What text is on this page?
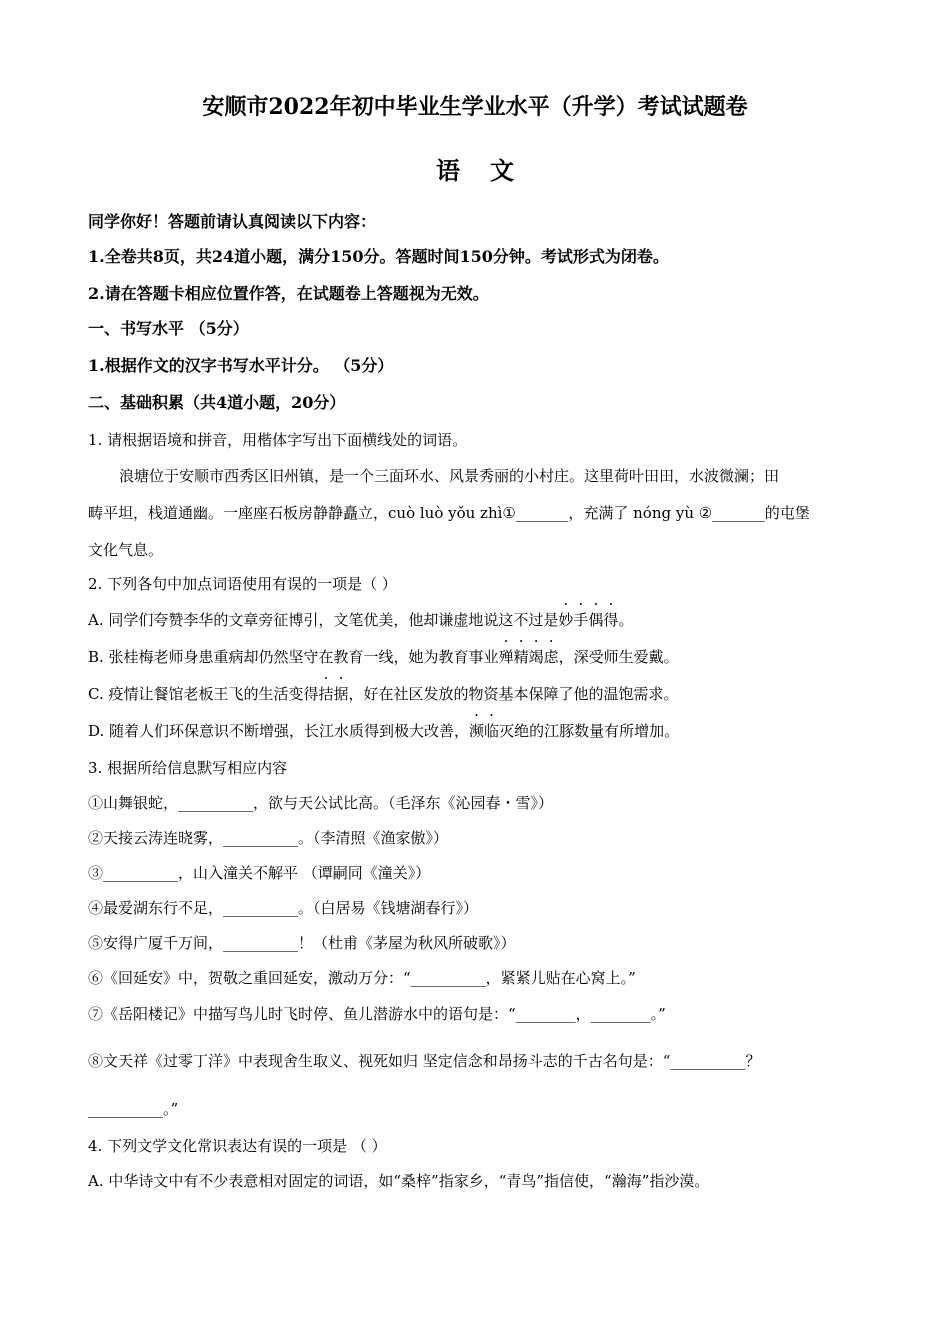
安顺市2022年初中毕业生学业水平（升学）考试试题卷
语文
同学你好！答题前请认真阅读以下内容：
1.全卷共8页，共24道小题，满分150分。答题时间150分钟。考试形式为闭卷。
2.请在答题卡相应位置作答，在试题卷上答题视为无效。
一、书写水平 （5分）
1.根据作文的汉字书写水平计分。 （5分）
二、基础积累（共4道小题，20分）
1. 请根据语境和拼音，用楷体字写出下面横线处的词语。
浪塘位于安顺市西秀区旧州镇，是一个三面环水、风景秀丽的小村庄。这里荷叶田田，水波微澜；田
畴平坦，栈道通幽。一座座石板房静静矗立，cuò luò yǒu zhì①_______，充满了 nóng yù ②_______的屯堡
文化气息。
2. 下列各句中加点词语使用有误的一项是（ ）
A. 同学们夸赞李华的文章旁征博引，文笔优美，他却谦虚地说这不过是妙手偶得。
B. 张桂梅老师身患重病却仍然坚守在教育一线，她为教育事业殚精竭虑，深受师生爱戴。
C. 疫情让餐馆老板王飞的生活变得拮据，好在社区发放的物资基本保障了他的温饱需求。
D. 随着人们环保意识不断增强，长江水质得到极大改善，濒临灭绝的江豚数量有所增加。
3. 根据所给信息默写相应内容
①山舞银蛇，__________，欲与天公试比高。（毛泽东《沁园春・雪》）
②天接云涛连晓雾，__________。（李清照《渔家傲》）
③__________，山入潼关不解平 （谭嗣同《潼关》）
④最爱湖东行不足，__________。（白居易《钱塘湖春行》）
⑤安得广厦千万间，__________！（杜甫《茅屋为秋风所破歌》）
⑥《回延安》中，贺敬之重回延安，激动万分：“__________，紧紧儿贴在心窝上。”
⑦《岳阳楼记》中描写鸟儿时飞时停、鱼儿潜游水中的语句是：“________，________。”
⑧文天祥《过零丁洋》中表现舍生取义、视死如归 坚定信念和昂扬斗志的千古名句是：“__________？
__________。”
4. 下列文学文化常识表达有误的一项是 （ ）
A. 中华诗文中有不少表意相对固定的词语，如“桑梓”指家乡，“青鸟”指信使，“瀚海”指沙漠。
